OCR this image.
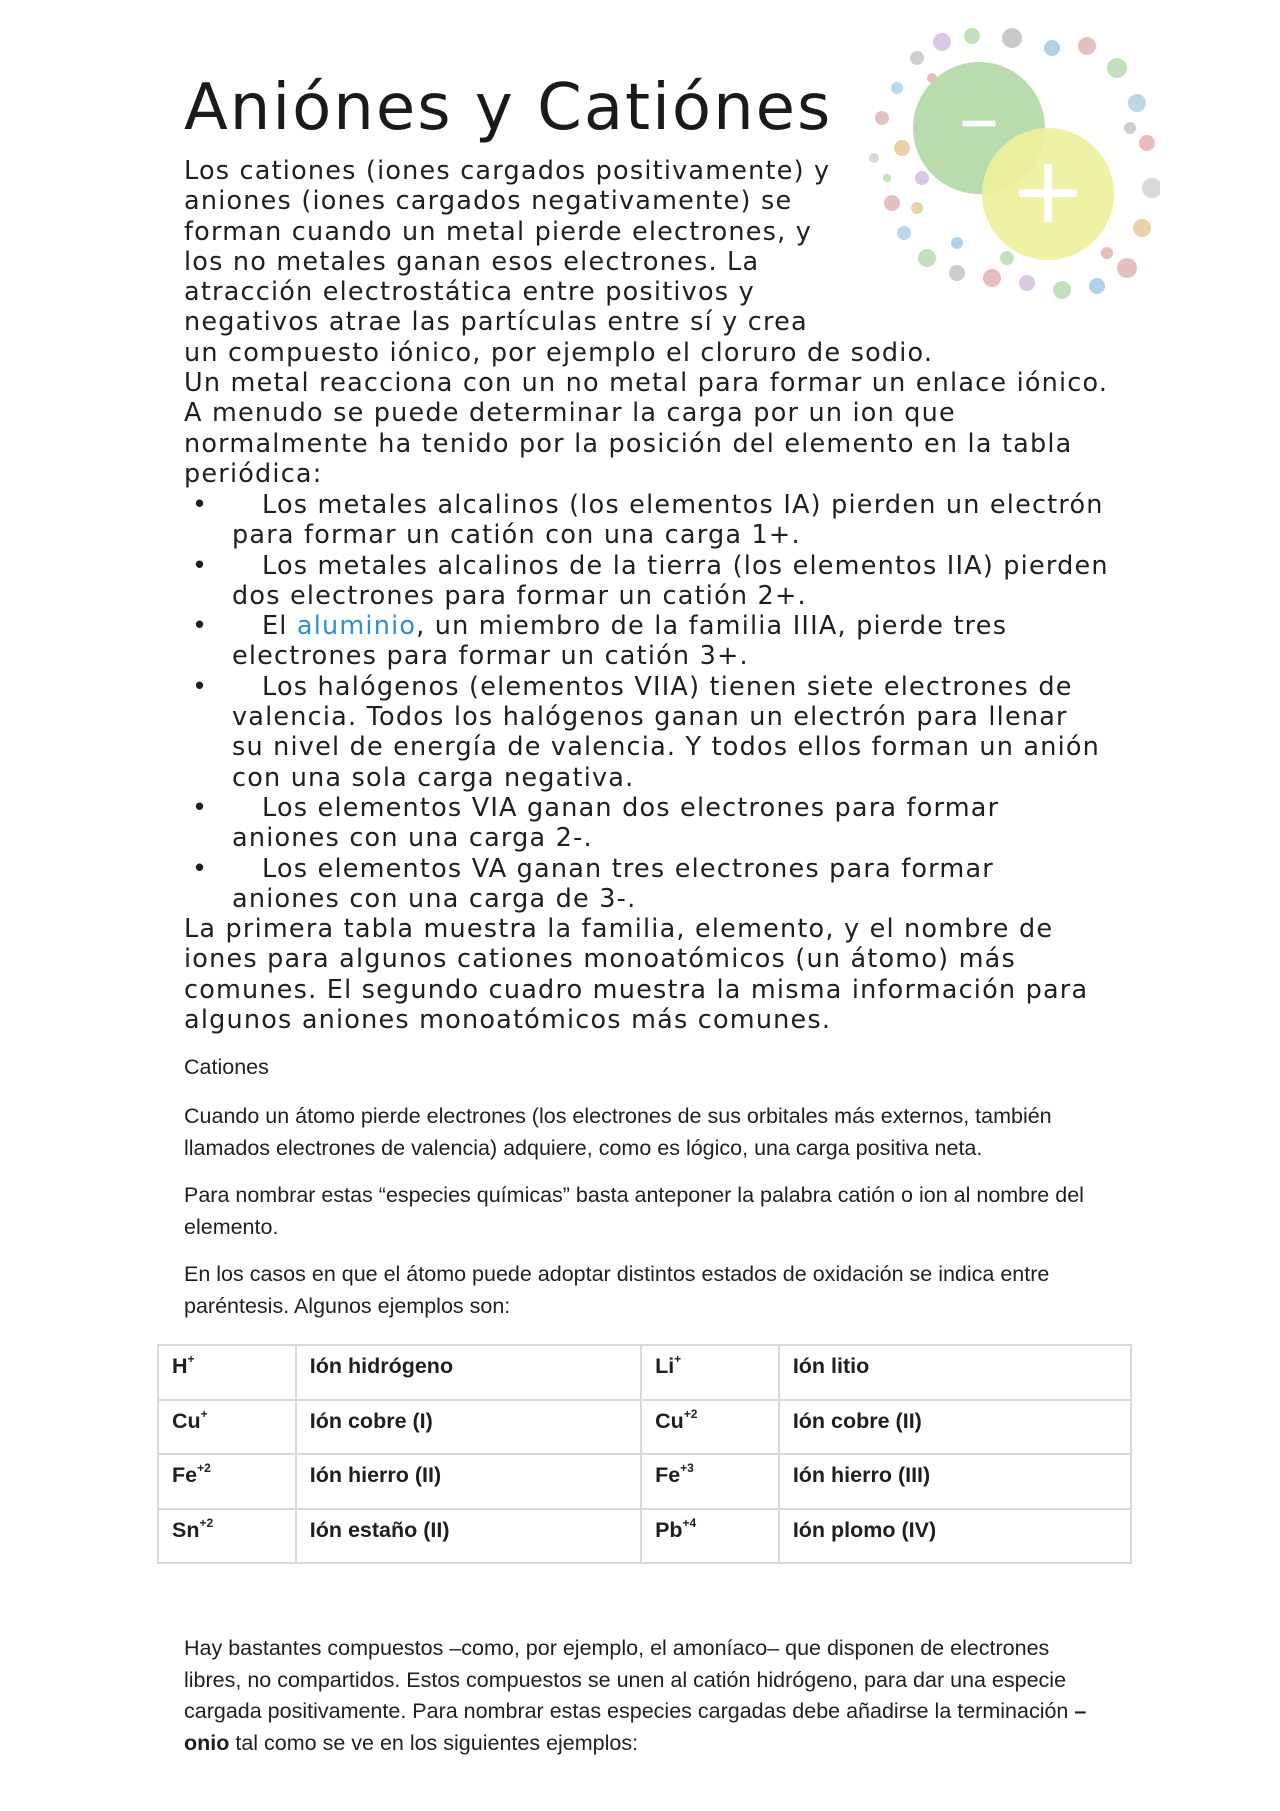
Aniónes y Catiónes –
+
Los cationes (iones cargados positivamente) y
aniones (iones cargados negativamente) se
forman cuando un metal pierde electrones, y
los no metales ganan esos electrones. La
atracción electrostática entre positivos y
negativos atrae las partículas entre sí y crea
un compuesto iónico, por ejemplo el cloruro de sodio.
Un metal reacciona con un no metal para formar un enlace iónico.
A menudo se puede determinar la carga por un ion que
normalmente ha tenido por la posición del elemento en la tabla
periódica:
•	Los metales alcalinos (los elementos IA) pierden un electrón
para formar un catión con una carga 1+.
•	Los metales alcalinos de la tierra (los elementos IIA) pierden
dos electrones para formar un catión 2+.
•	El aluminio, un miembro de la familia IIIA, pierde tres
electrones para formar un catión 3+.
•	Los halógenos (elementos VIIA) tienen siete electrones de
valencia. Todos los halógenos ganan un electrón para llenar
su nivel de energía de valencia. Y todos ellos forman un anión
con una sola carga negativa.
•	Los elementos VIA ganan dos electrones para formar
aniones con una carga 2-.
•	Los elementos VA ganan tres electrones para formar
aniones con una carga de 3-.
La primera tabla muestra la familia, elemento, y el nombre de
iones para algunos cationes monoatómicos (un átomo) más
comunes. El segundo cuadro muestra la misma información para
algunos aniones monoatómicos más comunes.

Cationes

Cuando un átomo pierde electrones (los electrones de sus orbitales más externos, también llamados electrones de valencia) adquiere, como es lógico, una carga positiva neta.

Para nombrar estas “especies químicas” basta anteponer la palabra catión o ion al nombre del elemento.

En los casos en que el átomo puede adoptar distintos estados de oxidación se indica entre paréntesis. Algunos ejemplos son:

H+	Ión hidrógeno	Li+	Ión litio
Cu+	Ión cobre (I)	$Cu^{+2}$	Ión cobre (II)
$Fe^{+2}$	Ión hierro (II)	$Fe^{+3}$	Ión hierro (III)
$Sn^{+2}$	Ión estaño (II)	$Pb^{+4}$	Ión plomo (IV)

Hay bastantes compuestos –como, por ejemplo, el amoníaco– que disponen de electrones libres, no compartidos. Estos compuestos se unen al catión hidrógeno, para dar una especie cargada positivamente. Para nombrar estas especies cargadas debe añadirse la terminación –onio tal como se ve en los siguientes ejemplos:
